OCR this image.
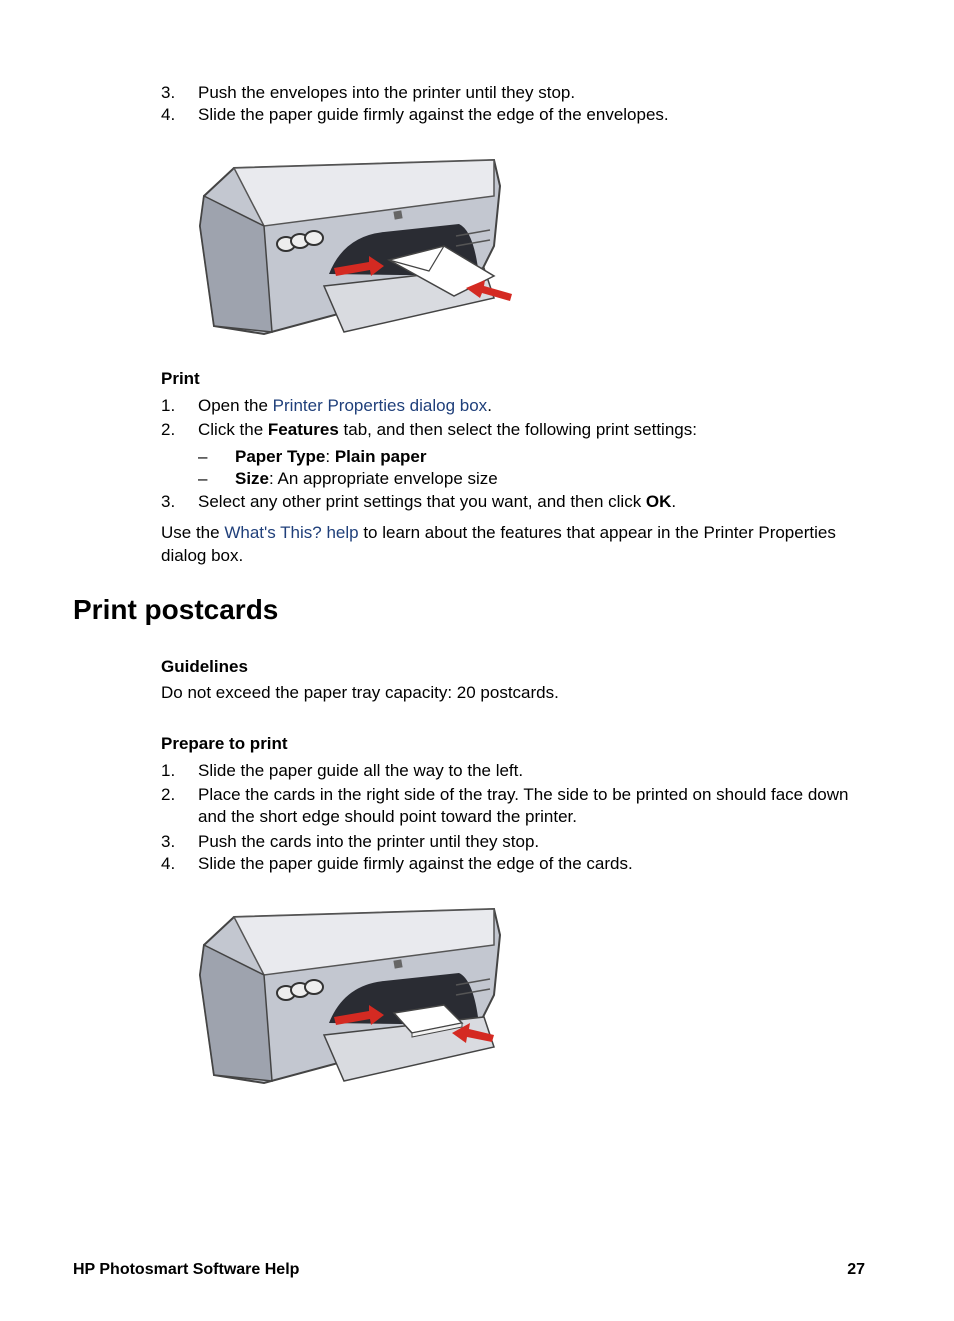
3. Push the envelopes into the printer until they stop.
4. Slide the paper guide firmly against the edge of the envelopes.
Print
1. Open the Printer Properties dialog box.
2. Click the Features tab, and then select the following print settings:
– Paper Type: Plain paper
– Size: An appropriate envelope size
3. Select any other print settings that you want, and then click OK.
Use the What's This? help to learn about the features that appear in the Printer Properties dialog box.
Print postcards
Guidelines
Do not exceed the paper tray capacity: 20 postcards.
Prepare to print
1. Slide the paper guide all the way to the left.
2. Place the cards in the right side of the tray. The side to be printed on should face down and the short edge should point toward the printer.
3. Push the cards into the printer until they stop.
4. Slide the paper guide firmly against the edge of the cards.
HP Photosmart Software Help	27
